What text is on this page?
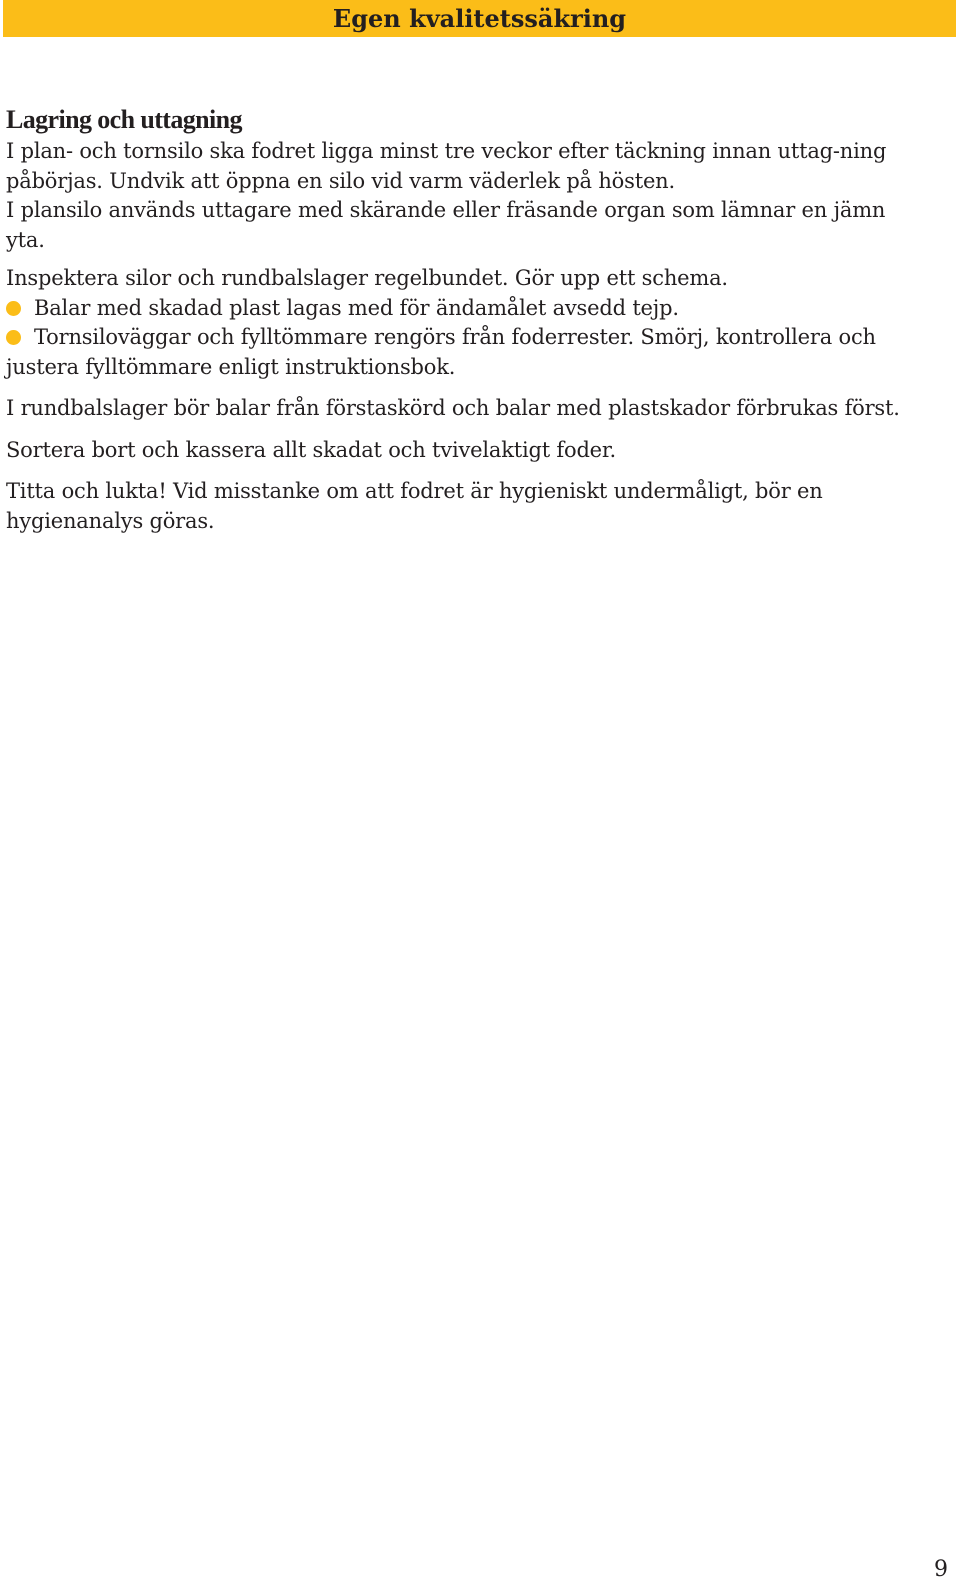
Egen kvalitetssäkring
Lagring och uttagning

I plan- och tornsilo ska fodret ligga minst tre veckor efter täckning innan uttag-ning påbörjas. Undvik att öppna en silo vid varm väderlek på hösten.

I plansilo används uttagare med skärande eller fräsande organ som lämnar en jämn yta.

Inspektera silor och rundbalslager regelbundet. Gör upp ett schema.

Balar med skadad plast lagas med för ändamålet avsedd tejp.

Tornsiloväggar och fylltömmare rengörs från foderrester. Smörj, kontrollera och justera fylltömmare enligt instruktionsbok.

I rundbalslager bör balar från förstaskörd och balar med plastskador förbrukas först.

Sortera bort och kassera allt skadat och tvivelaktigt foder.

Titta och lukta! Vid misstanke om att fodret är hygieniskt undermåligt, bör en hygienanalys göras.

9
